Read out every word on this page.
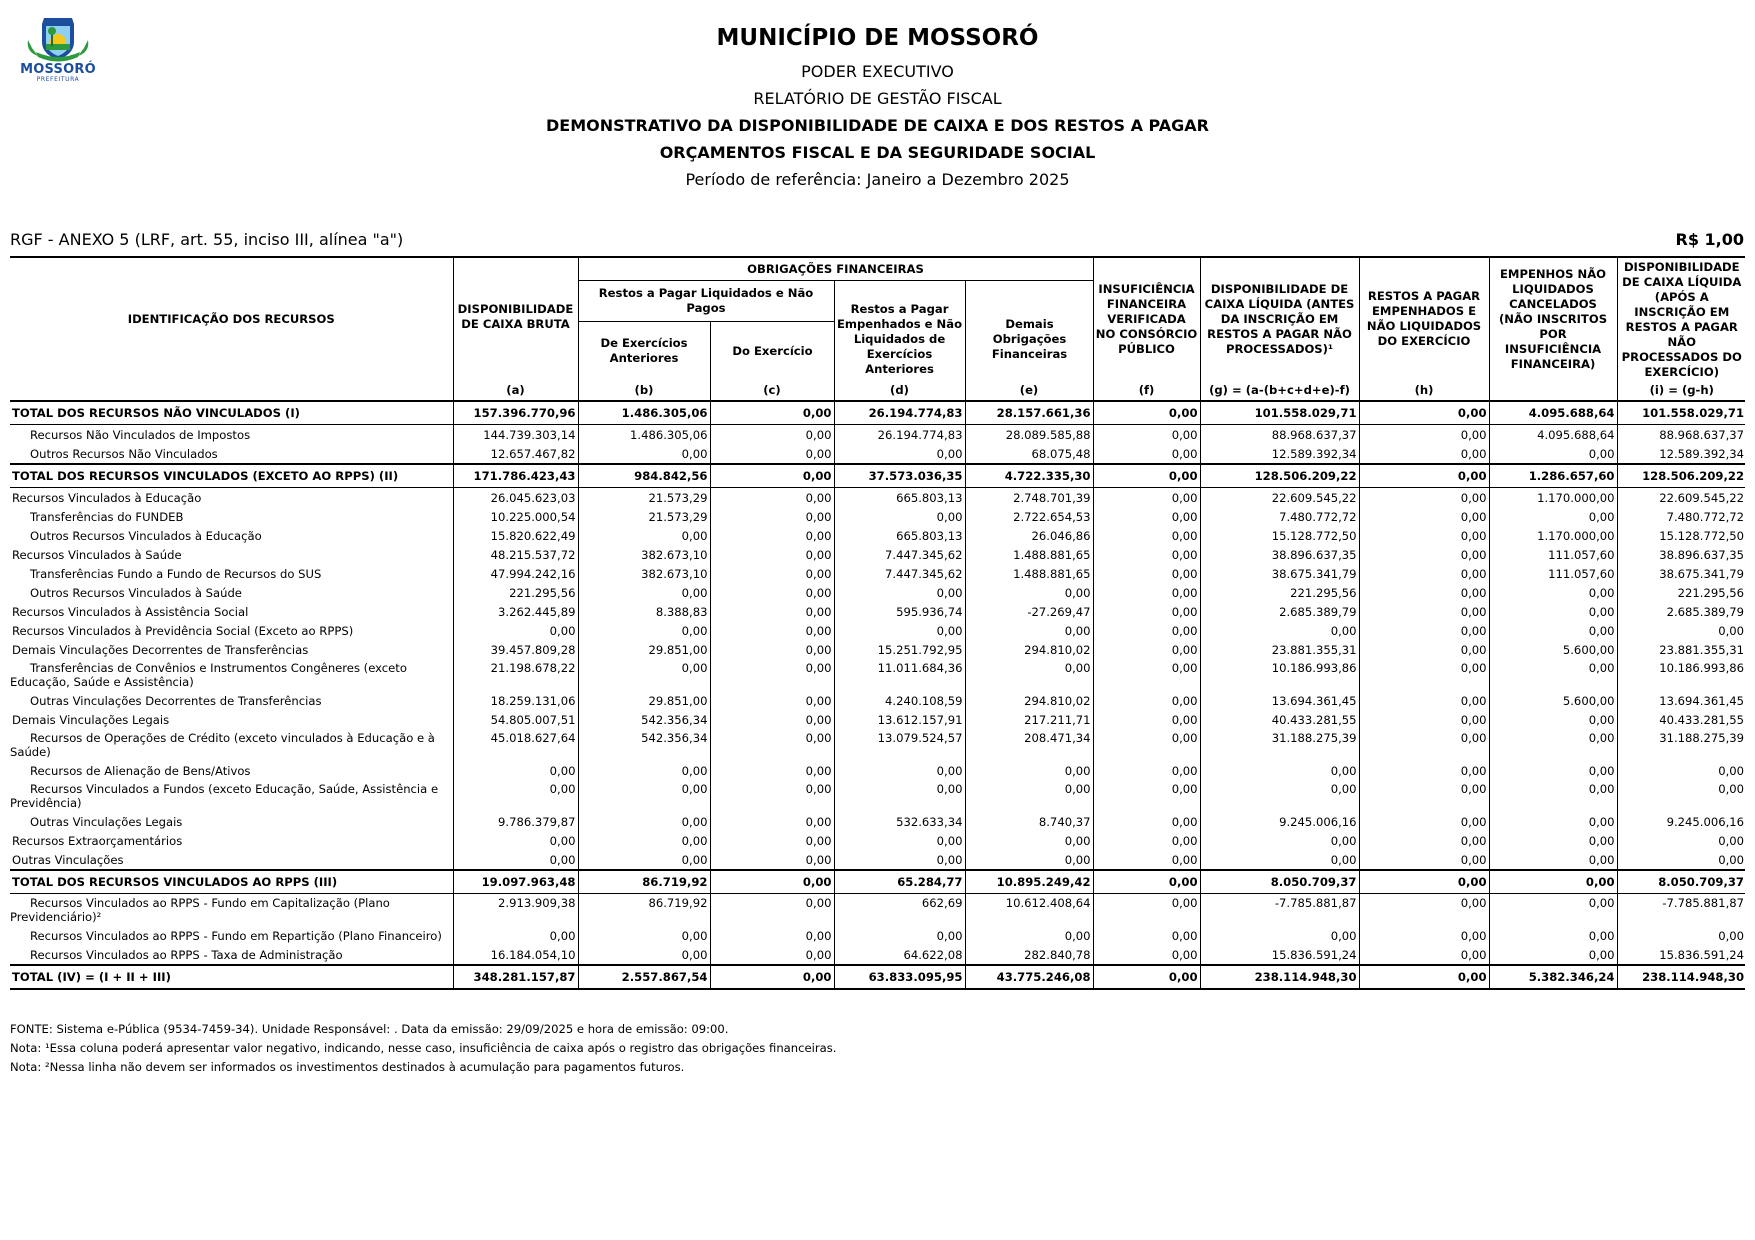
MOSSORÓ
PREFEITURA
MUNICÍPIO DE MOSSORÓ
PODER EXECUTIVO
RELATÓRIO DE GESTÃO FISCAL
DEMONSTRATIVO DA DISPONIBILIDADE DE CAIXA E DOS RESTOS A PAGAR
ORÇAMENTOS FISCAL E DA SEGURIDADE SOCIAL
Período de referência: Janeiro a Dezembro 2025
RGF - ANEXO 5 (LRF, art. 55, inciso III, alínea "a")	R$ 1,00
IDENTIFICAÇÃO DOS RECURSOS	DISPONIBILIDADE DE CAIXA BRUTA	OBRIGAÇÕES FINANCEIRAS				INSUFICIÊNCIA FINANCEIRA VERIFICADA NO CONSÓRCIO PÚBLICO	DISPONIBILIDADE DE CAIXA LÍQUIDA (ANTES DA INSCRIÇÃO EM RESTOS A PAGAR NÃO PROCESSADOS)¹	RESTOS A PAGAR EMPENHADOS E NÃO LIQUIDADOS DO EXERCÍCIO	EMPENHOS NÃO LIQUIDADOS CANCELADOS (NÃO INSCRITOS POR INSUFICIÊNCIA FINANCEIRA)	DISPONIBILIDADE DE CAIXA LÍQUIDA (APÓS A INSCRIÇÃO EM RESTOS A PAGAR NÃO PROCESSADOS DO EXERCÍCIO)
		Restos a Pagar Liquidados e Não Pagos		Restos a Pagar Empenhados e Não Liquidados de Exercícios Anteriores	Demais Obrigações Financeiras					
		De Exercícios Anteriores	Do Exercício							
	(a)	(b)	(c)	(d)	(e)	(f)	(g) = (a-(b+c+d+e)-f)	(h)		(i) = (g-h)
TOTAL DOS RECURSOS NÃO VINCULADOS (I)	157.396.770,96	1.486.305,06	0,00	26.194.774,83	28.157.661,36	0,00	101.558.029,71	0,00	4.095.688,64	101.558.029,71
Recursos Não Vinculados de Impostos	144.739.303,14	1.486.305,06	0,00	26.194.774,83	28.089.585,88	0,00	88.968.637,37	0,00	4.095.688,64	88.968.637,37
Outros Recursos Não Vinculados	12.657.467,82	0,00	0,00	0,00	68.075,48	0,00	12.589.392,34	0,00	0,00	12.589.392,34
TOTAL DOS RECURSOS VINCULADOS (EXCETO AO RPPS) (II)	171.786.423,43	984.842,56	0,00	37.573.036,35	4.722.335,30	0,00	128.506.209,22	0,00	1.286.657,60	128.506.209,22
Recursos Vinculados à Educação	26.045.623,03	21.573,29	0,00	665.803,13	2.748.701,39	0,00	22.609.545,22	0,00	1.170.000,00	22.609.545,22
Transferências do FUNDEB	10.225.000,54	21.573,29	0,00	0,00	2.722.654,53	0,00	7.480.772,72	0,00	0,00	7.480.772,72
Outros Recursos Vinculados à Educação	15.820.622,49	0,00	0,00	665.803,13	26.046,86	0,00	15.128.772,50	0,00	1.170.000,00	15.128.772,50
Recursos Vinculados à Saúde	48.215.537,72	382.673,10	0,00	7.447.345,62	1.488.881,65	0,00	38.896.637,35	0,00	111.057,60	38.896.637,35
Transferências Fundo a Fundo de Recursos do SUS	47.994.242,16	382.673,10	0,00	7.447.345,62	1.488.881,65	0,00	38.675.341,79	0,00	111.057,60	38.675.341,79
Outros Recursos Vinculados à Saúde	221.295,56	0,00	0,00	0,00	0,00	0,00	221.295,56	0,00	0,00	221.295,56
Recursos Vinculados à Assistência Social	3.262.445,89	8.388,83	0,00	595.936,74	-27.269,47	0,00	2.685.389,79	0,00	0,00	2.685.389,79
Recursos Vinculados à Previdência Social (Exceto ao RPPS)	0,00	0,00	0,00	0,00	0,00	0,00	0,00	0,00	0,00	0,00
Demais Vinculações Decorrentes de Transferências	39.457.809,28	29.851,00	0,00	15.251.792,95	294.810,02	0,00	23.881.355,31	0,00	5.600,00	23.881.355,31
Transferências de Convênios e Instrumentos Congêneres (exceto Educação, Saúde e Assistência)	21.198.678,22	0,00	0,00	11.011.684,36	0,00	0,00	10.186.993,86	0,00	0,00	10.186.993,86
Outras Vinculações Decorrentes de Transferências	18.259.131,06	29.851,00	0,00	4.240.108,59	294.810,02	0,00	13.694.361,45	0,00	5.600,00	13.694.361,45
Demais Vinculações Legais	54.805.007,51	542.356,34	0,00	13.612.157,91	217.211,71	0,00	40.433.281,55	0,00	0,00	40.433.281,55
Recursos de Operações de Crédito (exceto vinculados à Educação e à Saúde)	45.018.627,64	542.356,34	0,00	13.079.524,57	208.471,34	0,00	31.188.275,39	0,00	0,00	31.188.275,39
Recursos de Alienação de Bens/Ativos	0,00	0,00	0,00	0,00	0,00	0,00	0,00	0,00	0,00	0,00
Recursos Vinculados a Fundos (exceto Educação, Saúde, Assistência e Previdência)	0,00	0,00	0,00	0,00	0,00	0,00	0,00	0,00	0,00	0,00
Outras Vinculações Legais	9.786.379,87	0,00	0,00	532.633,34	8.740,37	0,00	9.245.006,16	0,00	0,00	9.245.006,16
Recursos Extraorçamentários	0,00	0,00	0,00	0,00	0,00	0,00	0,00	0,00	0,00	0,00
Outras Vinculações	0,00	0,00	0,00	0,00	0,00	0,00	0,00	0,00	0,00	0,00
TOTAL DOS RECURSOS VINCULADOS AO RPPS (III)	19.097.963,48	86.719,92	0,00	65.284,77	10.895.249,42	0,00	8.050.709,37	0,00	0,00	8.050.709,37
Recursos Vinculados ao RPPS - Fundo em Capitalização (Plano Previdenciário)²	2.913.909,38	86.719,92	0,00	662,69	10.612.408,64	0,00	-7.785.881,87	0,00	0,00	-7.785.881,87
Recursos Vinculados ao RPPS - Fundo em Repartição (Plano Financeiro)	0,00	0,00	0,00	0,00	0,00	0,00	0,00	0,00	0,00	0,00
Recursos Vinculados ao RPPS - Taxa de Administração	16.184.054,10	0,00	0,00	64.622,08	282.840,78	0,00	15.836.591,24	0,00	0,00	15.836.591,24
TOTAL (IV) = (I + II + III)	348.281.157,87	2.557.867,54	0,00	63.833.095,95	43.775.246,08	0,00	238.114.948,30	0,00	5.382.346,24	238.114.948,30
FONTE: Sistema e-Pública (9534-7459-34). Unidade Responsável: . Data da emissão: 29/09/2025 e hora de emissão: 09:00.
Nota: ¹Essa coluna poderá apresentar valor negativo, indicando, nesse caso, insuficiência de caixa após o registro das obrigações financeiras.
Nota: ²Nessa linha não devem ser informados os investimentos destinados à acumulação para pagamentos futuros.
